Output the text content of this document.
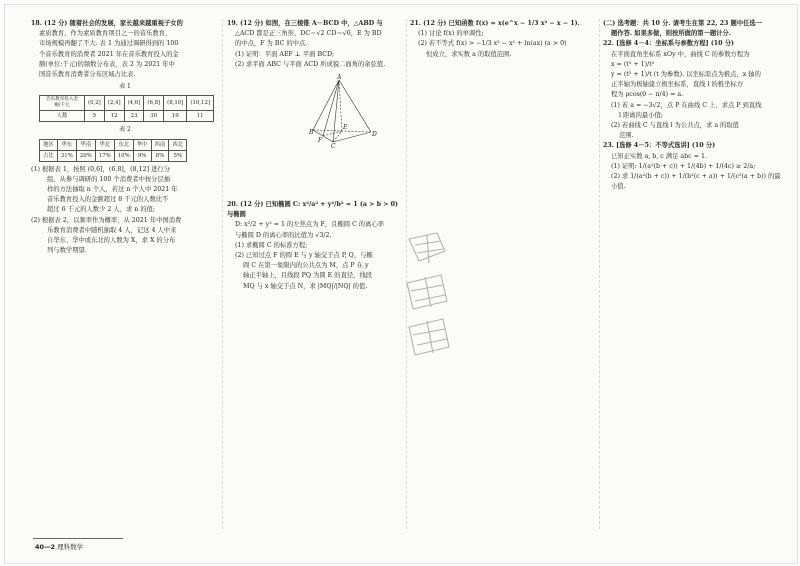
18. (12 分) 随着社会的发展，家长越来越重视子女的
素质教育，作为素质教育项目之一的音乐教育，
市场规模再翻了不大. 表 1 为通过调研得到的 100
个音乐教育的消费者 2021 年在音乐教育投入的金
额(单位:千元)的频数分布表，表 2 为 2021 年中
国音乐教育消费者分布区域占比表.
表 1
音乐教育投入金额/千元	(0,2]	(2,4]	(4,6]	(6,8]	(8,10]	(10,12]
人数	5	12	23	30	19	11
表 2
地区	华东	华南	华北	东北	华中	西南	西北
占比	31%	20%	17%	10%	9%	8%	5%
(1) 根据表 1，按照 (0,6]，(6,8]，(8,12] 进行分
组，从参与调研的 100 个消费者中按分层抽
样的方法抽取 n 个人，若这 n 个人中 2021 年
音乐教育投入的金额超过 8 千元的人数比不
超过 6 千元的人数少 2 人，求 n 的值;
(2) 根据表 2，以频率作为概率，从 2021 年中国消费
乐教育消费者中随机抽取 4 人，记这 4 人中来
自华东、华中或东北的人数为 X，求 X 的分布
列与数学期望.
19. (12 分) 如图，在三棱锥 A－BCD 中，△ABD 与
△ACD 都是正三角形，DC＝√2 CD＝√6，E 为 BD
的中点，F 为 BC 的中点.
(1) 证明：平面 AEF ⊥ 平面 BCD;
(2) 求平面 ABC 与平面 ACD 所成锐二面角的余弦值.
A
B
C
D
E
F
20. (12 分) 已知椭圆 C: x²/a² + y²/b² = 1 (a > b > 0) 与椭圆
D: x²/2 + y² = 1 的左焦点为 F，且椭圆 C 的离心率
与椭圆 D 的离心率的比值为 √3/2.
(1) 求椭圆 C 的标准方程;
(2) 已知过点 F 的圆 E 与 y 轴交于点 P, Q，与椭
圆 C 在第一象限内的公共点为 M，点 P 在 y
轴正半轴上，且线段 PQ 为圆 E 的直径，线段
MQ 与 x 轴交于点 N，求 |MQ|/|NQ| 的值.
21. (12 分) 已知函数 f(x) = x(e^x − 1/3 x² − x − 1).
(1) 讨论 f(x) 的单调性;
(2) 若不等式 f(x) > −1/3 x³ − x² + ln(ax) (a > 0)
恒成立，求实数 a 的取值范围.
(二) 选考题：共 10 分. 请考生在第 22, 23 题中任选一
题作答. 如果多做，则按所做的第一题计分.
22. [选修 4－4：坐标系与参数方程] (10 分)
在平面直角坐标系 xOy 中，曲线 C 的参数方程为
x = (t² + 1)/t²
y = (t² + 1)/t (t 为参数). 以坐标原点为极点，x 轴的
正半轴为极轴建立极坐标系，直线 l 的极坐标方
程为 ρcos(θ − π/4) = a.
(1) 若 a = −3√2，点 P 在曲线 C 上，求点 P 到直线
l 距离的最小值;
(2) 若曲线 C 与直线 l 为公共点，求 a 的取值
范围.
23. [选修 4－5：不等式选讲] (10 分)
已知正实数 a, b, c 满足 abc = 1.
(1) 证明: 1/(a²(b + c)) + 1/(4b) + 1/(4c) ≥ 2/a;
(2) 求 1/(a²(b + c)) + 1/(b²(c + a)) + 1/(c²(a + b)) 的最小值.
40—2 理科数学
